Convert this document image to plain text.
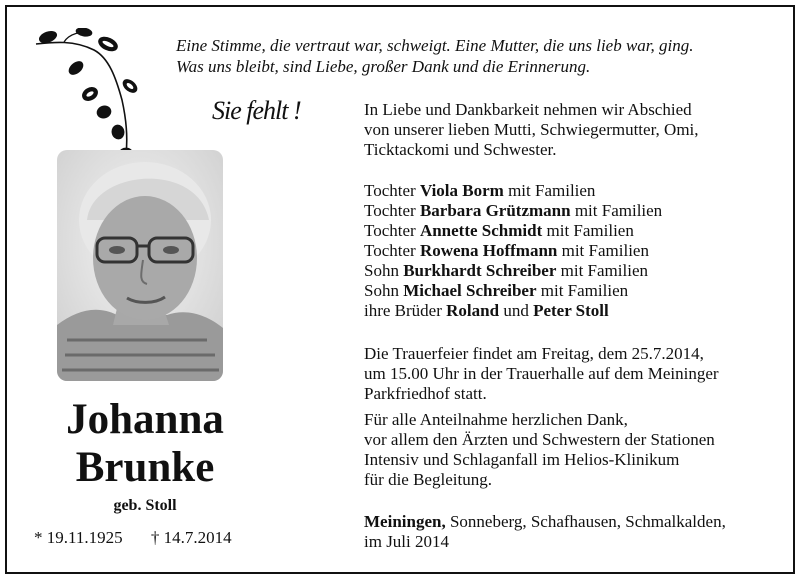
Eine Stimme, die vertraut war, schweigt. Eine Mutter, die uns lieb war, ging.
Was uns bleibt, sind Liebe, großer Dank und die Erinnerung.
Sie fehlt !
Johanna
Brunke
geb. Stoll
* 19.11.1925 † 14.7.2014
In Liebe und Dankbarkeit nehmen wir Abschied
von unserer lieben Mutti, Schwiegermutter, Omi,
Ticktackomi und Schwester.
Tochter Viola Borm mit Familien
Tochter Barbara Grützmann mit Familien
Tochter Annette Schmidt mit Familien
Tochter Rowena Hoffmann mit Familien
Sohn Burkhardt Schreiber mit Familien
Sohn Michael Schreiber mit Familien
ihre Brüder Roland und Peter Stoll
Die Trauerfeier findet am Freitag, dem 25.7.2014,
um 15.00 Uhr in der Trauerhalle auf dem Meininger
Parkfriedhof statt.
Für alle Anteilnahme herzlichen Dank,
vor allem den Ärzten und Schwestern der Stationen
Intensiv und Schlaganfall im Helios-Klinikum
für die Begleitung.
Meiningen, Sonneberg, Schafhausen, Schmalkalden,
im Juli 2014
